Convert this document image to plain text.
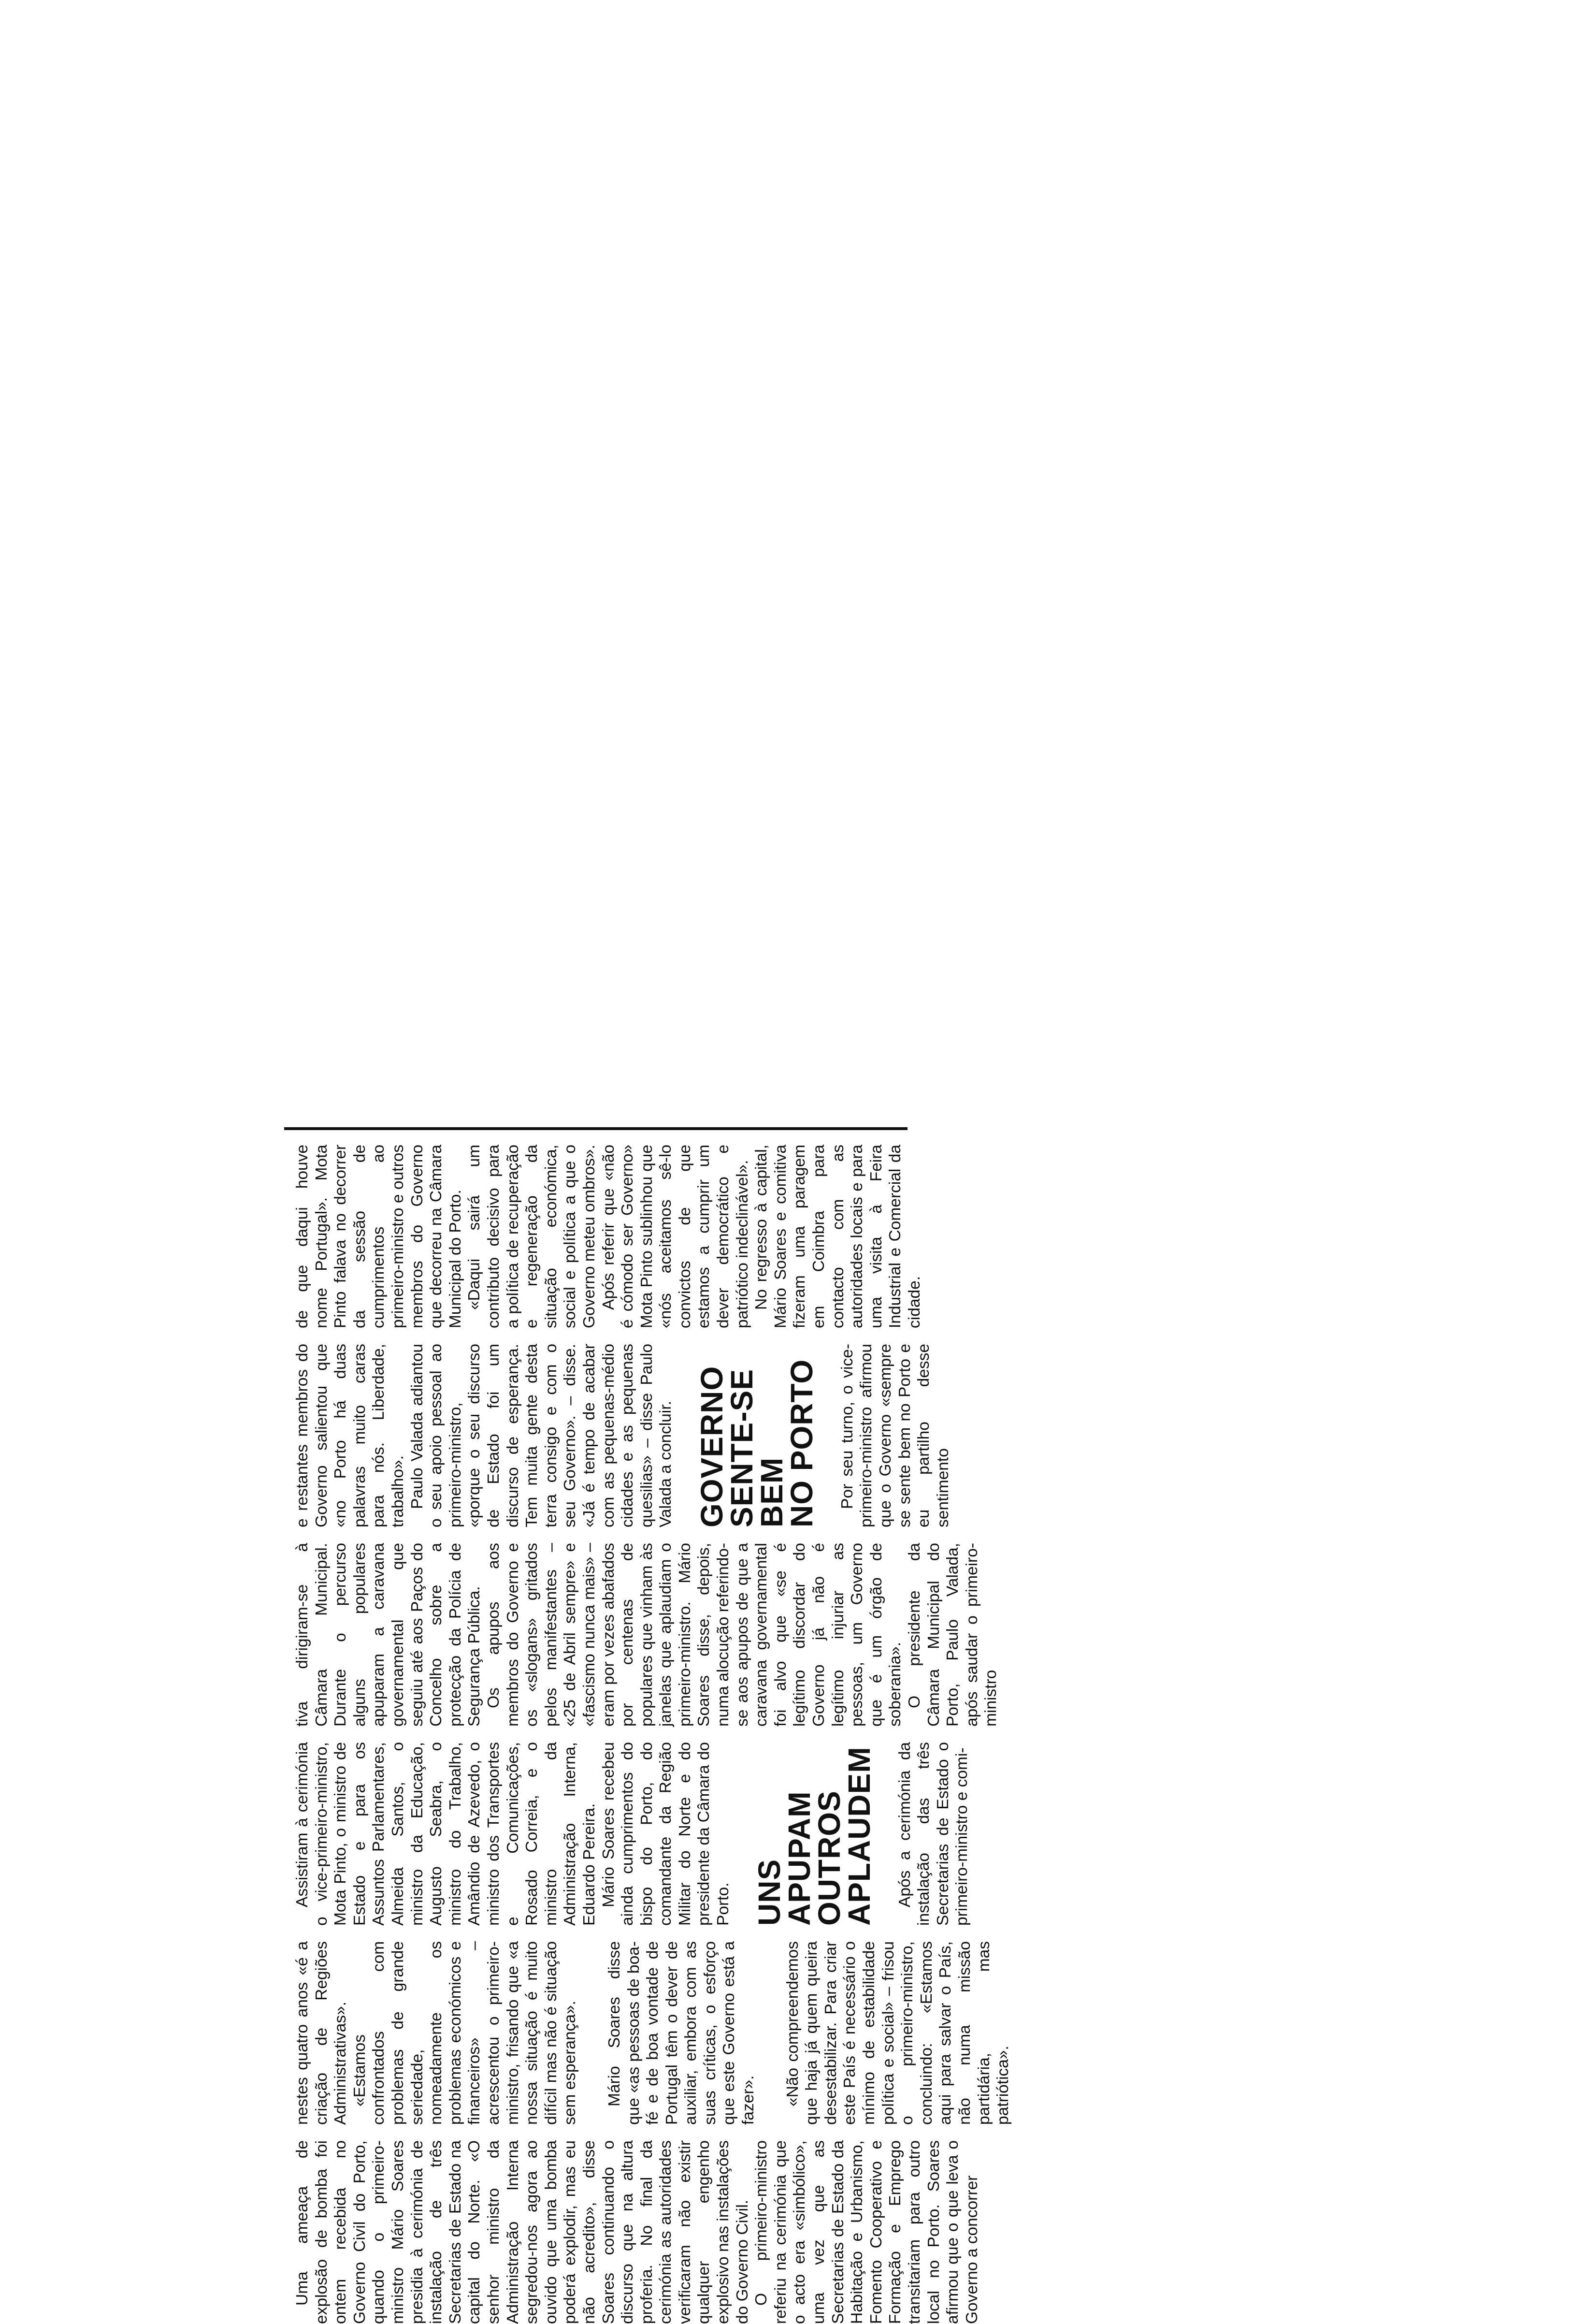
Uma ameaça de explosão de bomba foi ontem recebida no Governo Civil do Porto, quando o primeiro-ministro Mário Soares presidia à cerimónia de instalação de três Secretarias de Estado na capital do Norte. «O senhor ministro da Administração Interna segredou-nos agora ao ouvido que uma bomba poderá explodir, mas eu não acredito», disse Soares continuando o discurso que na altura proferia. No final da cerimónia as autoridades verificaram não existir qualquer engenho explosivo nas instalações do Governo Civil. O primeiro-ministro referiu na cerimónia que o acto era «simbólico», uma vez que as Secretarias de Estado da Habitação e Urbanismo, Fomento Cooperativo e Formação e Emprego transitariam para outro local no Porto. Soares afirmou que o que leva o Governo a concorrer

nestes quatro anos «é a criação de Regiões Administrativas». «Estamos confrontados com problemas de grande seriedade, nomeadamente os problemas económicos e financeiros» – acrescentou o primeiro-ministro, frisando que «a nossa situação é muito difícil mas não é situação sem esperança». Mário Soares disse que «as pessoas de boa-fé e de boa vontade de Portugal têm o dever de auxiliar, embora com as suas críticas, o esforço que este Governo está a fazer». «Não compreendemos que haja já quem queira desestabilizar. Para criar este País é necessário o mínimo de estabilidade política e social» – frisou o primeiro-ministro, concluindo: «Estamos aqui para salvar o País, não numa missão partidária, mas patriótica».

Assistiram à cerimónia o vice-primeiro-ministro, Mota Pinto, o ministro de Estado e para os Assuntos Parlamentares, Almeida Santos, o ministro da Educação, Augusto Seabra, o ministro do Trabalho, Amândio de Azevedo, o ministro dos Transportes e Comunicações, Rosado Correia, e o ministro da Administração Interna, Eduardo Pereira. Mário Soares recebeu ainda cumprimentos do bispo do Porto, do comandante da Região Militar do Norte e do presidente da Câmara do Porto. UNS APUPAM
OUTROS
APLAUDEM Após a cerimónia da instalação das três Secretarias de Estado o primeiro-ministro e comi-

tiva dirigiram-se à Câmara Municipal. Durante o percurso alguns populares apuparam a caravana governamental que seguiu até aos Paços do Concelho sobre a protecção da Polícia de Segurança Pública. Os apupos aos membros do Governo e os «slogans» gritados pelos manifestantes – «25 de Abril sempre» e «fascismo nunca mais» – eram por vezes abafados por centenas de populares que vinham às janelas que aplaudiam o primeiro-ministro. Mário Soares disse, depois, numa alocução referindo-se aos apupos de que a caravana governamental foi alvo que «se é legítimo discordar do Governo já não é legítimo injuriar as pessoas, um Governo que é um órgão de soberania». O presidente da Câmara Municipal do Porto, Paulo Valada, após saudar o primeiro-ministro

e restantes membros do Governo salientou que «no Porto há duas palavras muito caras para nós. Liberdade, trabalho». Paulo Valada adiantou o seu apoio pessoal ao primeiro-ministro, «porque o seu discurso de Estado foi um discurso de esperança. Tem muita gente desta terra consigo e com o seu Governo». – disse. «Já é tempo de acabar com as pequenas-médio cidades e as pequenas quesilias» – disse Paulo Valada a concluir. GOVERNO
SENTE-SE BEM
NO PORTO Por seu turno, o vice-primeiro-ministro afirmou que o Governo «sempre se sente bem no Porto e eu partilho desse sentimento

de que daqui houve nome Portugal». Mota Pinto falava no decorrer da sessão de cumprimentos ao primeiro-ministro e outros membros do Governo que decorreu na Câmara Municipal do Porto. «Daqui sairá um contributo decisivo para a política de recuperação e regeneração da situação económica, social e política a que o Governo meteu ombros». Após referir que «não é cómodo ser Governo» Mota Pinto sublinhou que «nós aceitamos sê-lo convictos de que estamos a cumprir um dever democrático e patriótico indeclinável». No regresso à capital, Mário Soares e comitiva fizeram uma paragem em Coimbra para contacto com as autoridades locais e para uma visita à Feira Industrial e Comercial da cidade.
